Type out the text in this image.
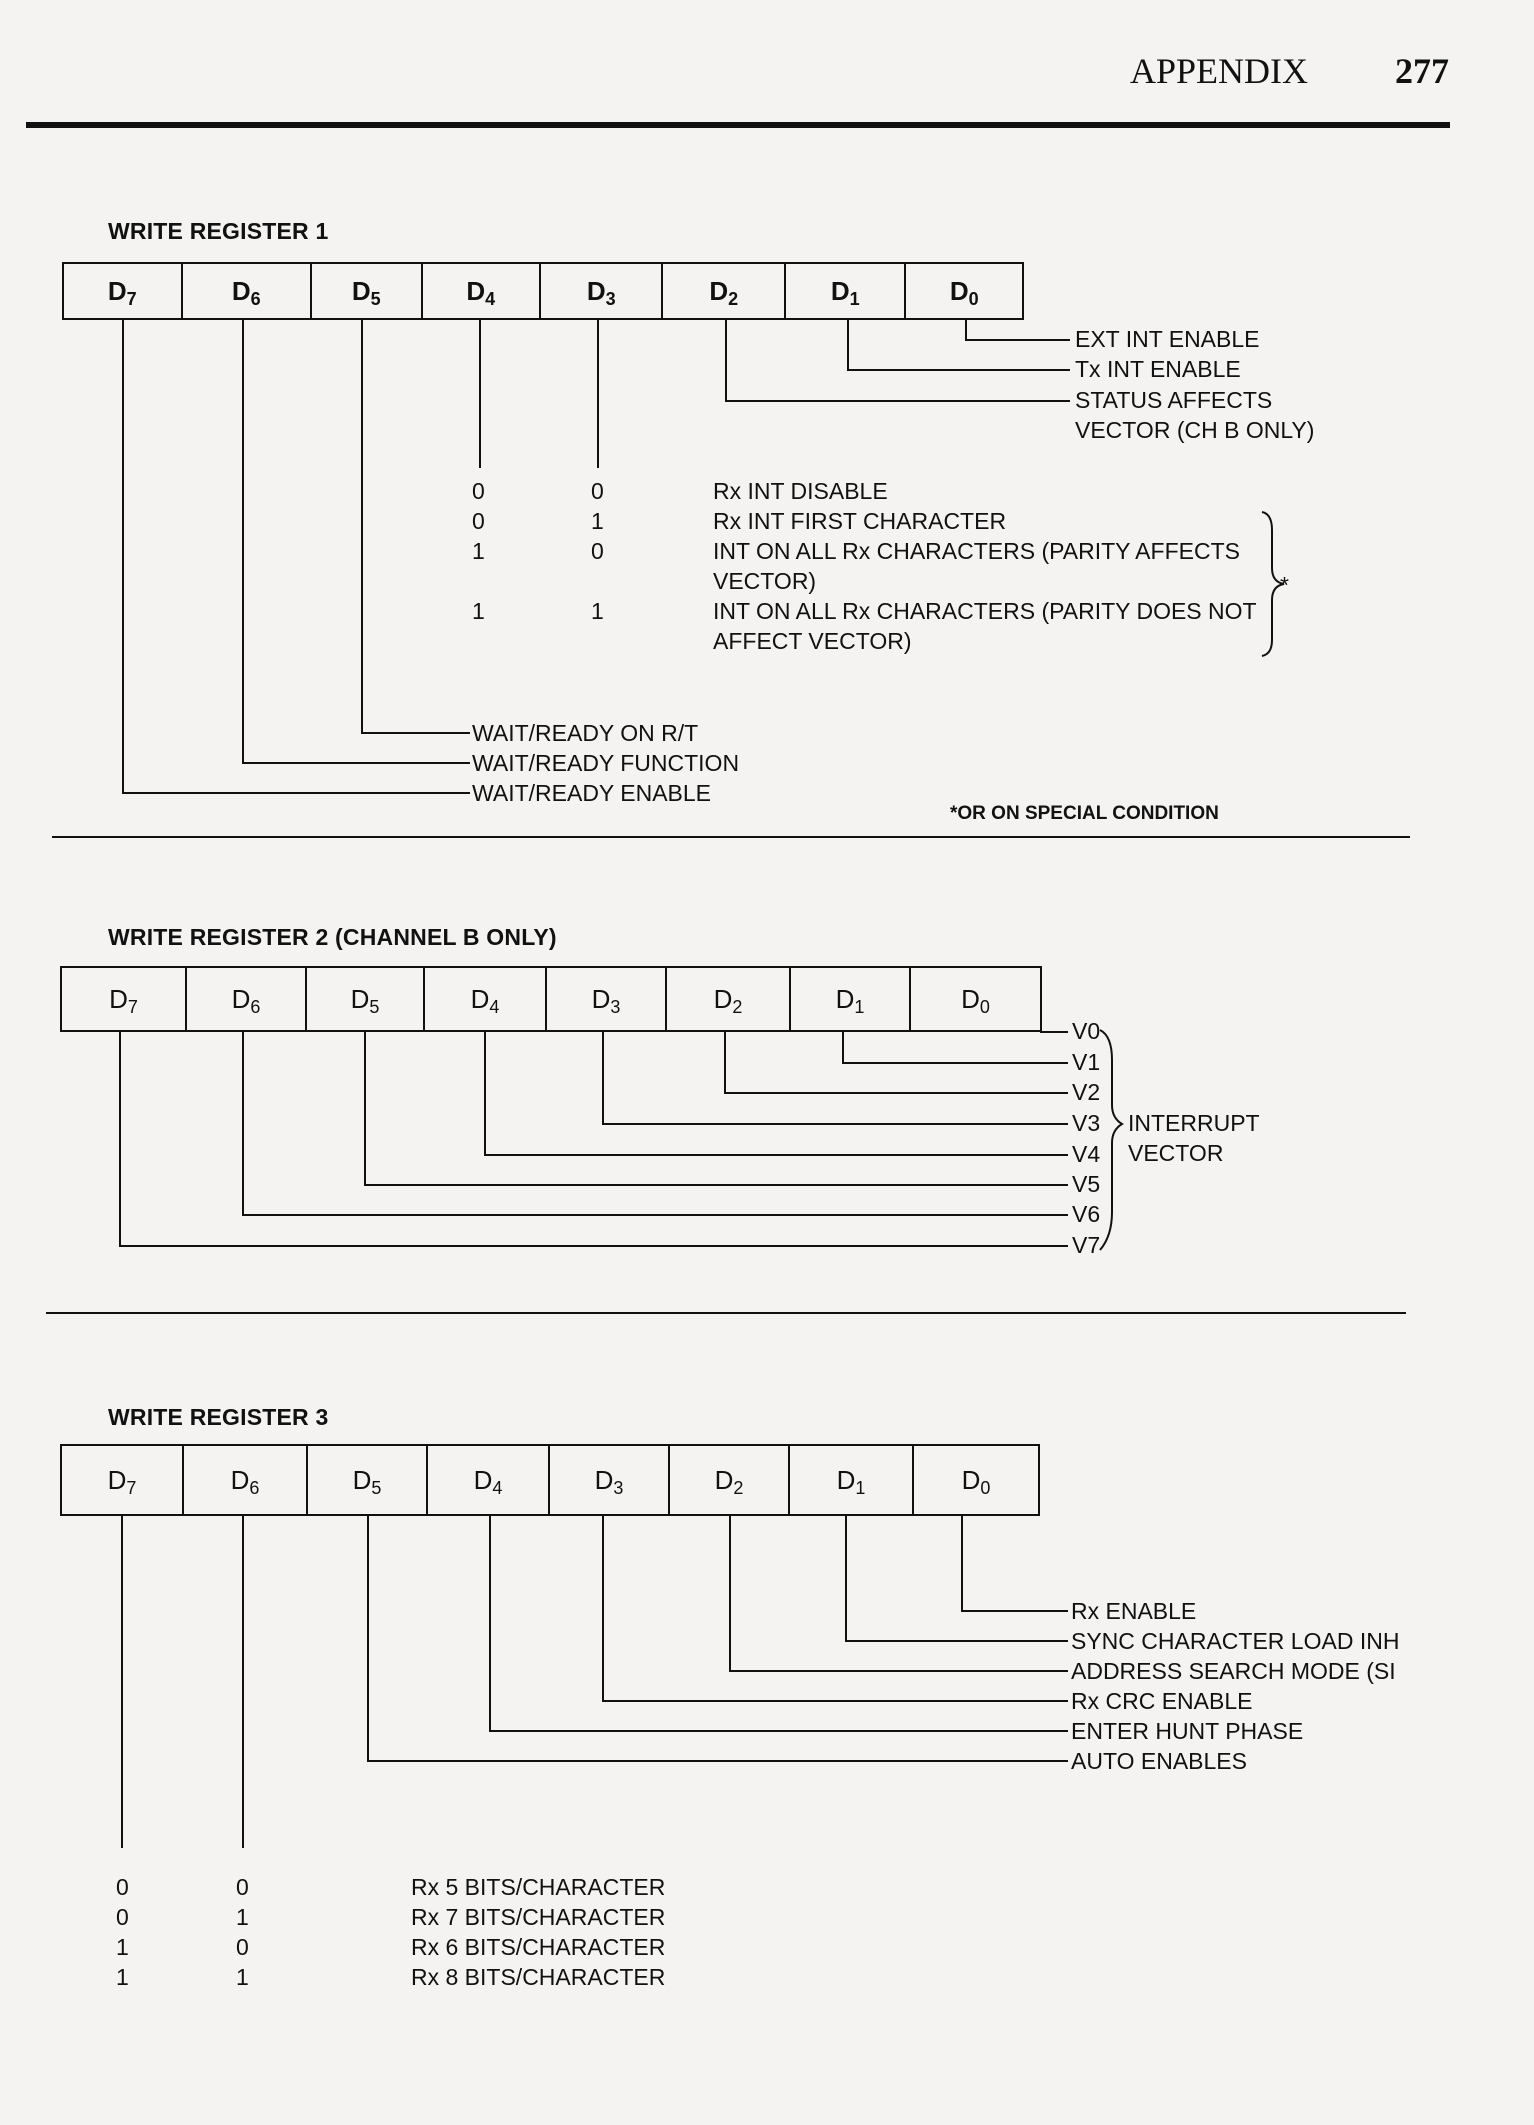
APPENDIX 277
WRITE REGISTER 1
D 7	D 6	D 5	D 4	D 3	D 2	D 1	D 0
EXT INT ENABLE
Tx INT ENABLE
STATUS AFFECTS
VECTOR (CH B ONLY)
0	0	Rx INT DISABLE
0	1	Rx INT FIRST CHARACTER
1	0	INT ON ALL Rx CHARACTERS (PARITY AFFECTS
VECTOR)
1	1	INT ON ALL Rx CHARACTERS (PARITY DOES NOT
AFFECT VECTOR)
*
WAIT/READY ON R/T
WAIT/READY FUNCTION
WAIT/READY ENABLE
*OR ON SPECIAL CONDITION
WRITE REGISTER 2 (CHANNEL B ONLY)
D 7	D 6	D 5	D 4	D 3	D 2	D 1	D 0
V0
V1
V2
V3
V4
V5
V6
V7
INTERRUPT
VECTOR
WRITE REGISTER 3
D 7	D 6	D 5	D 4	D 3	D 2	D 1	D 0
Rx ENABLE
SYNC CHARACTER LOAD INH
ADDRESS SEARCH MODE (SI
Rx CRC ENABLE
ENTER HUNT PHASE
AUTO ENABLES
0	0	Rx 5 BITS/CHARACTER
0	1	Rx 7 BITS/CHARACTER
1	0	Rx 6 BITS/CHARACTER
1	1	Rx 8 BITS/CHARACTER
